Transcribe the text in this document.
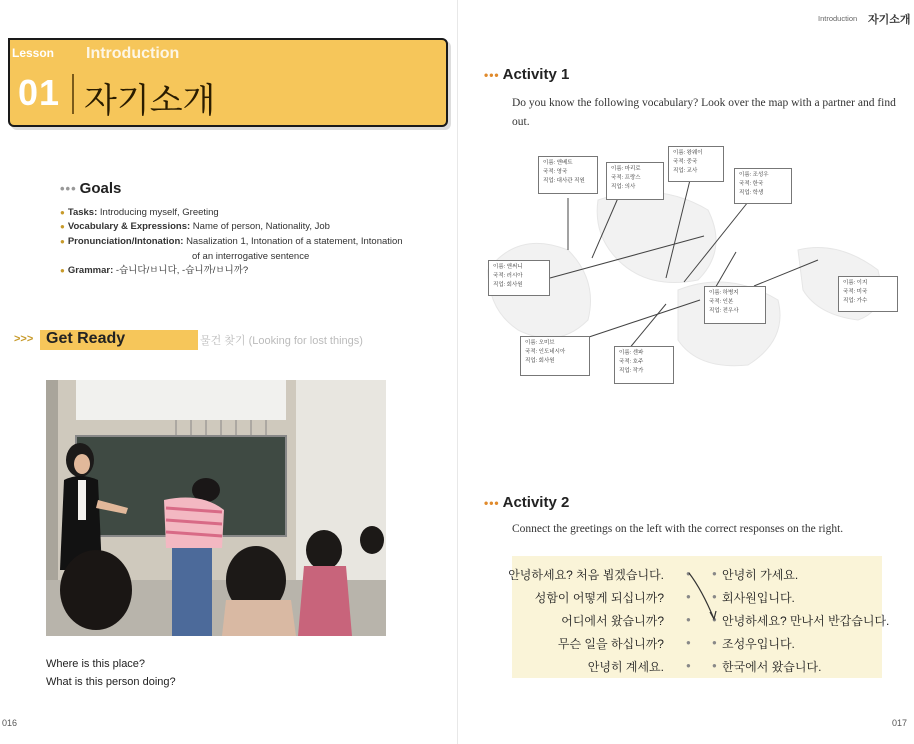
Lesson Introduction
01 자기소개
••• Goals
● Tasks: Introducing myself, Greeting
● Vocabulary & Expressions: Name of person, Nationality, Job
● Pronunciation/Intonation: Nasalization 1, Intonation of a statement, Intonation
of an interrogative sentence
● Grammar: -습니다/ㅂ니다, -습니까/ㅂ니까?
>>> Get Ready	물건 찾기 (Looking for lost things)
Where is this place?
What is this person doing?
016
Introduction 자기소개
••• Activity 1
Do you know the following vocabulary? Look over the map with a partner and find out.
이름: 앤베트
국적: 영국
직업: 대사관 직원
이름: 마리로
국적: 프랑스
직업: 의사
이름: 왕웨이
국적: 중국
직업: 교사
이름: 조성우
국적: 한국
직업: 학생
이름: 앤써니
국적: 러시아
직업: 회사원
이름: 하병지
국적: 인본
직업: 전우사
이름: 이지
국적: 미국
직업: 가수
이름: 오미브
국적: 인도네시아
직업: 회사원
이름: 센파
국적: 호주
직업: 작가
••• Activity 2
Connect the greetings on the left with the correct responses on the right.
안녕하세요? 처음 뵙겠습니다.
성함이 어떻게 되십니까?
어디에서 왔습니까?
무슨 일을 하십니까?
안녕히 계세요.
●
●
●
●
●
●
●
●
●
●
안녕히 가세요.
회사원입니다.
안녕하세요? 만나서 반갑습니다.
조성우입니다.
한국에서 왔습니다.
017
